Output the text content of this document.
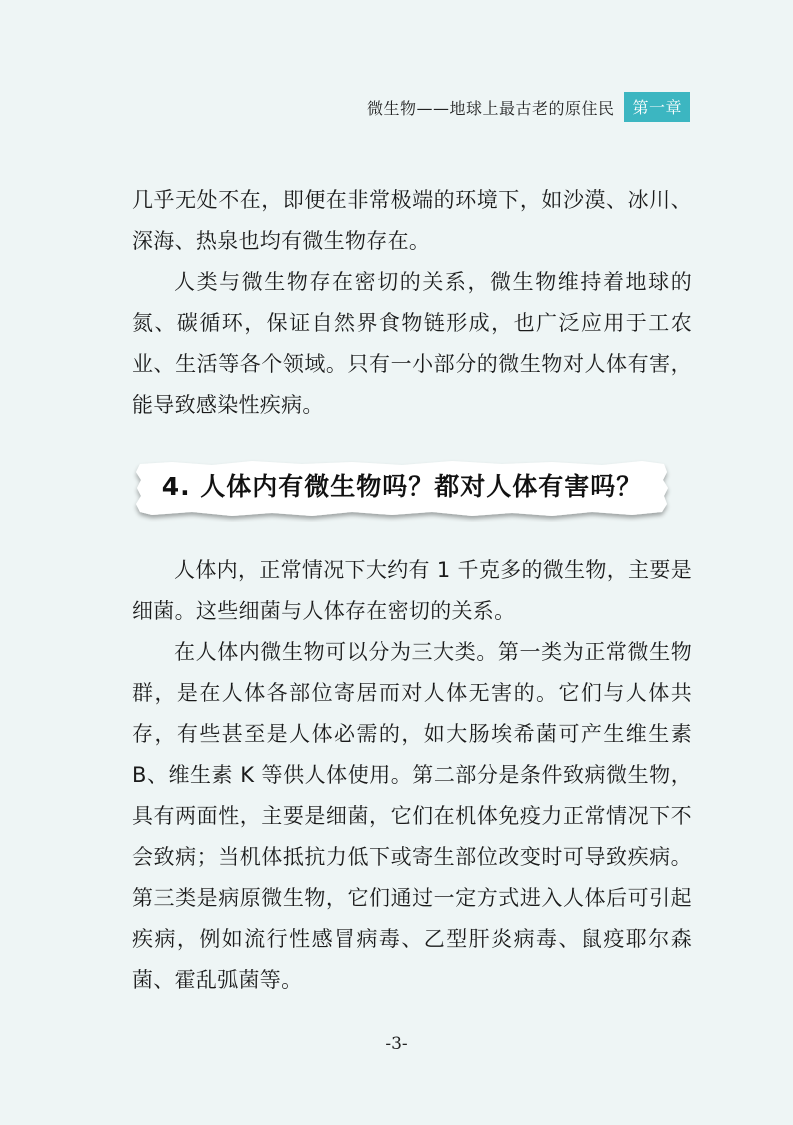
微生物——地球上最古老的原住民	第一章

几乎无处不在，即便在非常极端的环境下，如沙漠、冰川、深海、热泉也均有微生物存在。

人类与微生物存在密切的关系，微生物维持着地球的氮、碳循环，保证自然界食物链形成，也广泛应用于工农业、生活等各个领域。只有一小部分的微生物对人体有害，能导致感染性疾病。

4. 人体内有微生物吗？都对人体有害吗？

人体内，正常情况下大约有 1 千克多的微生物，主要是细菌。这些细菌与人体存在密切的关系。

在人体内微生物可以分为三大类。第一类为正常微生物群，是在人体各部位寄居而对人体无害的。它们与人体共存，有些甚至是人体必需的，如大肠埃希菌可产生维生素 B、维生素 K 等供人体使用。第二部分是条件致病微生物，具有两面性，主要是细菌，它们在机体免疫力正常情况下不会致病；当机体抵抗力低下或寄生部位改变时可导致疾病。第三类是病原微生物，它们通过一定方式进入人体后可引起疾病，例如流行性感冒病毒、乙型肝炎病毒、鼠疫耶尔森菌、霍乱弧菌等。

-3-
